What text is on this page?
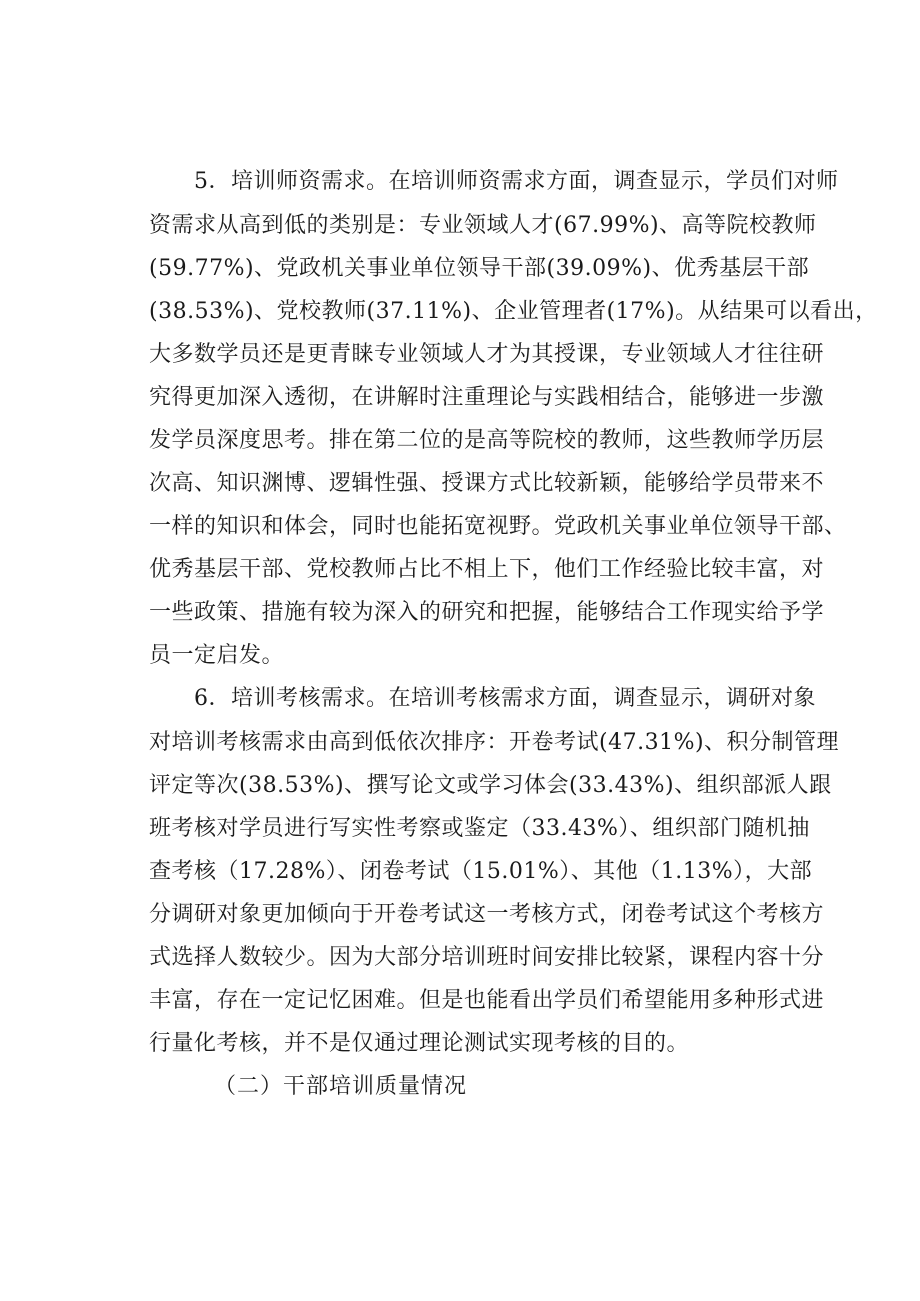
5．培训师资需求。在培训师资需求方面，调查显示，学员们对师
资需求从高到低的类别是：专业领域人才(67.99%)、高等院校教师
(59.77%)、党政机关事业单位领导干部(39.09%)、优秀基层干部
(38.53%)、党校教师(37.11%)、企业管理者(17%)。从结果可以看出，
大多数学员还是更青睐专业领域人才为其授课，专业领域人才往往研
究得更加深入透彻，在讲解时注重理论与实践相结合，能够进一步激
发学员深度思考。排在第二位的是高等院校的教师，这些教师学历层
次高、知识渊博、逻辑性强、授课方式比较新颖，能够给学员带来不
一样的知识和体会，同时也能拓宽视野。党政机关事业单位领导干部、
优秀基层干部、党校教师占比不相上下，他们工作经验比较丰富，对
一些政策、措施有较为深入的研究和把握，能够结合工作现实给予学
员一定启发。
6．培训考核需求。在培训考核需求方面，调查显示，调研对象
对培训考核需求由高到低依次排序：开卷考试(47.31%)、积分制管理
评定等次(38.53%)、撰写论文或学习体会(33.43%)、组织部派人跟
班考核对学员进行写实性考察或鉴定（33.43%）、组织部门随机抽
查考核（17.28%）、闭卷考试（15.01%）、其他（1.13%），大部
分调研对象更加倾向于开卷考试这一考核方式，闭卷考试这个考核方
式选择人数较少。因为大部分培训班时间安排比较紧，课程内容十分
丰富，存在一定记忆困难。但是也能看出学员们希望能用多种形式进
行量化考核，并不是仅通过理论测试实现考核的目的。
（二）干部培训质量情况
